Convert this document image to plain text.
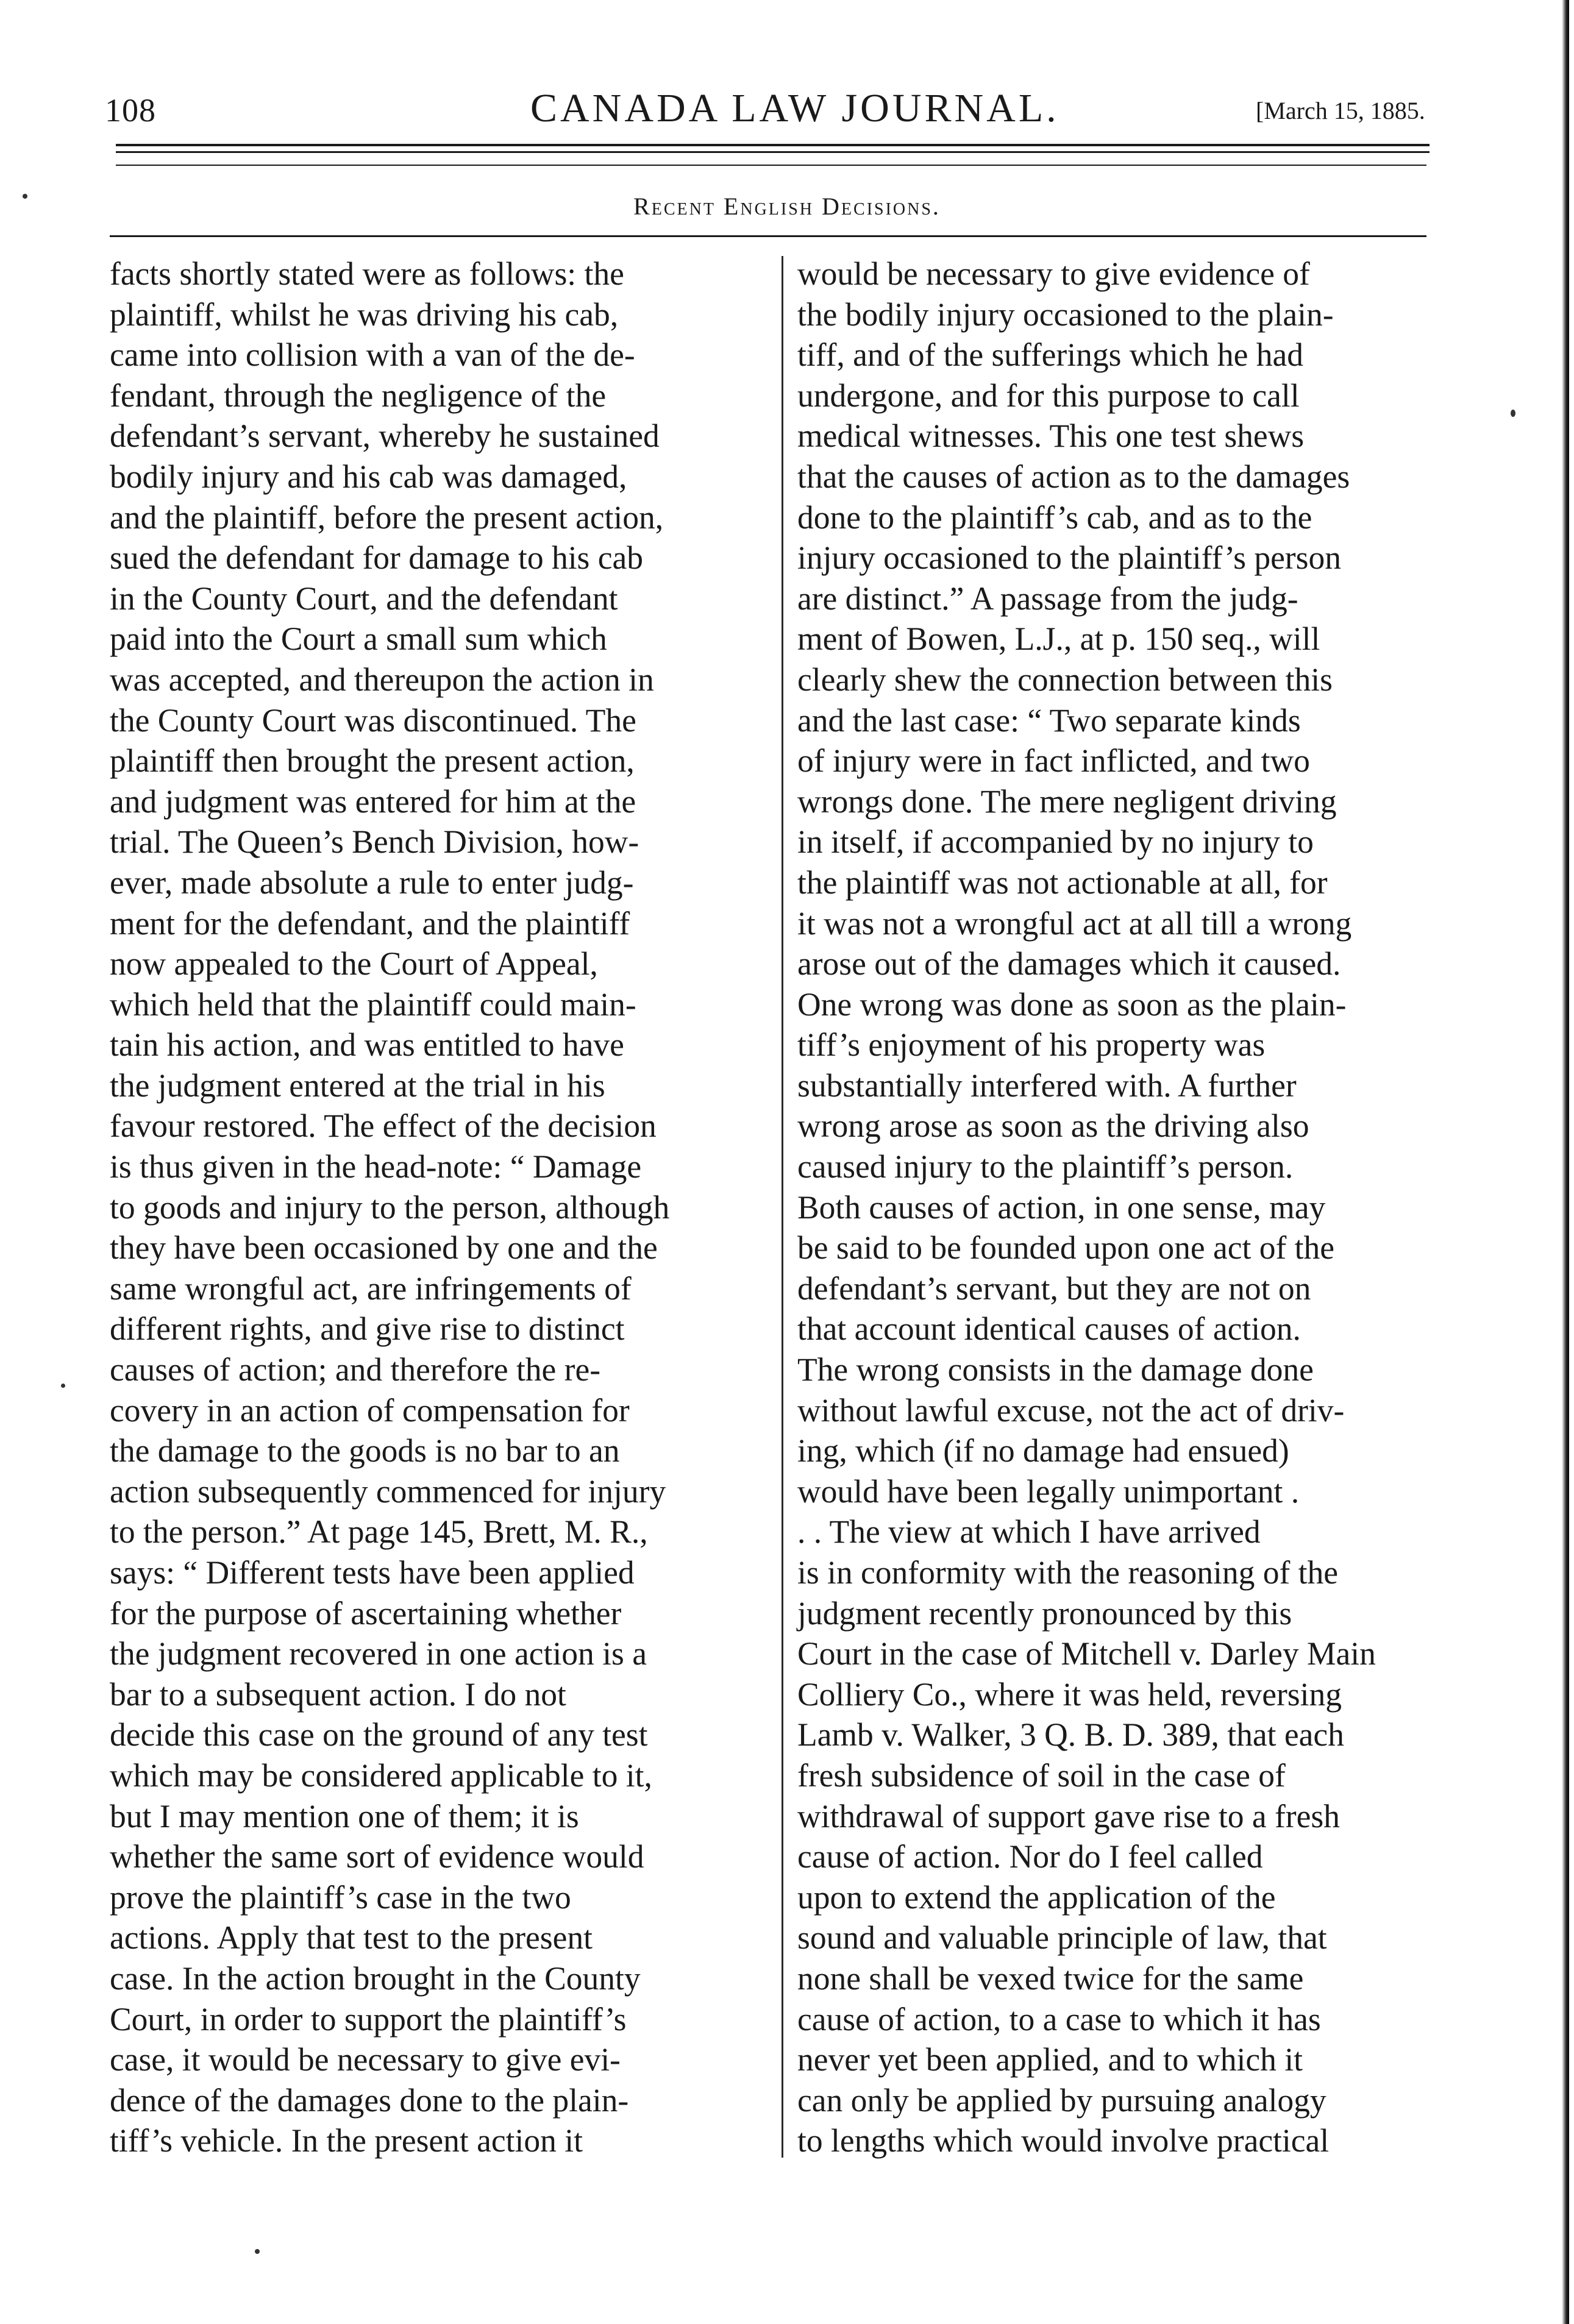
108	CANADA LAW JOURNAL.	[March 15, 1885.
Recent English Decisions.
facts shortly stated were as follows: the
plaintiff, whilst he was driving his cab,
came into collision with a van of the de-
fendant, through the negligence of the
defendant’s servant, whereby he sustained
bodily injury and his cab was damaged,
and the plaintiff, before the present action,
sued the defendant for damage to his cab
in the County Court, and the defendant
paid into the Court a small sum which
was accepted, and thereupon the action in
the County Court was discontinued. The
plaintiff then brought the present action,
and judgment was entered for him at the
trial. The Queen’s Bench Division, how-
ever, made absolute a rule to enter judg-
ment for the defendant, and the plaintiff
now appealed to the Court of Appeal,
which held that the plaintiff could main-
tain his action, and was entitled to have
the judgment entered at the trial in his
favour restored. The effect of the decision
is thus given in the head-note: “ Damage
to goods and injury to the person, although
they have been occasioned by one and the
same wrongful act, are infringements of
different rights, and give rise to distinct
causes of action; and therefore the re-
covery in an action of compensation for
the damage to the goods is no bar to an
action subsequently commenced for injury
to the person.” At page 145, Brett, M. R.,
says: “ Different tests have been applied
for the purpose of ascertaining whether
the judgment recovered in one action is a
bar to a subsequent action. I do not
decide this case on the ground of any test
which may be considered applicable to it,
but I may mention one of them; it is
whether the same sort of evidence would
prove the plaintiff’s case in the two
actions. Apply that test to the present
case. In the action brought in the County
Court, in order to support the plaintiff’s
case, it would be necessary to give evi-
dence of the damages done to the plain-
tiff’s vehicle. In the present action it
would be necessary to give evidence of
the bodily injury occasioned to the plain-
tiff, and of the sufferings which he had
undergone, and for this purpose to call
medical witnesses. This one test shews
that the causes of action as to the damages
done to the plaintiff’s cab, and as to the
injury occasioned to the plaintiff’s person
are distinct.” A passage from the judg-
ment of Bowen, L.J., at p. 150 seq., will
clearly shew the connection between this
and the last case: “ Two separate kinds
of injury were in fact inflicted, and two
wrongs done. The mere negligent driving
in itself, if accompanied by no injury to
the plaintiff was not actionable at all, for
it was not a wrongful act at all till a wrong
arose out of the damages which it caused.
One wrong was done as soon as the plain-
tiff’s enjoyment of his property was
substantially interfered with. A further
wrong arose as soon as the driving also
caused injury to the plaintiff’s person.
Both causes of action, in one sense, may
be said to be founded upon one act of the
defendant’s servant, but they are not on
that account identical causes of action.
The wrong consists in the damage done
without lawful excuse, not the act of driv-
ing, which (if no damage had ensued)
would have been legally unimportant .
. . The view at which I have arrived
is in conformity with the reasoning of the
judgment recently pronounced by this
Court in the case of Mitchell v. Darley Main
Colliery Co., where it was held, reversing
Lamb v. Walker, 3 Q. B. D. 389, that each
fresh subsidence of soil in the case of
withdrawal of support gave rise to a fresh
cause of action. Nor do I feel called
upon to extend the application of the
sound and valuable principle of law, that
none shall be vexed twice for the same
cause of action, to a case to which it has
never yet been applied, and to which it
can only be applied by pursuing analogy
to lengths which would involve practical
